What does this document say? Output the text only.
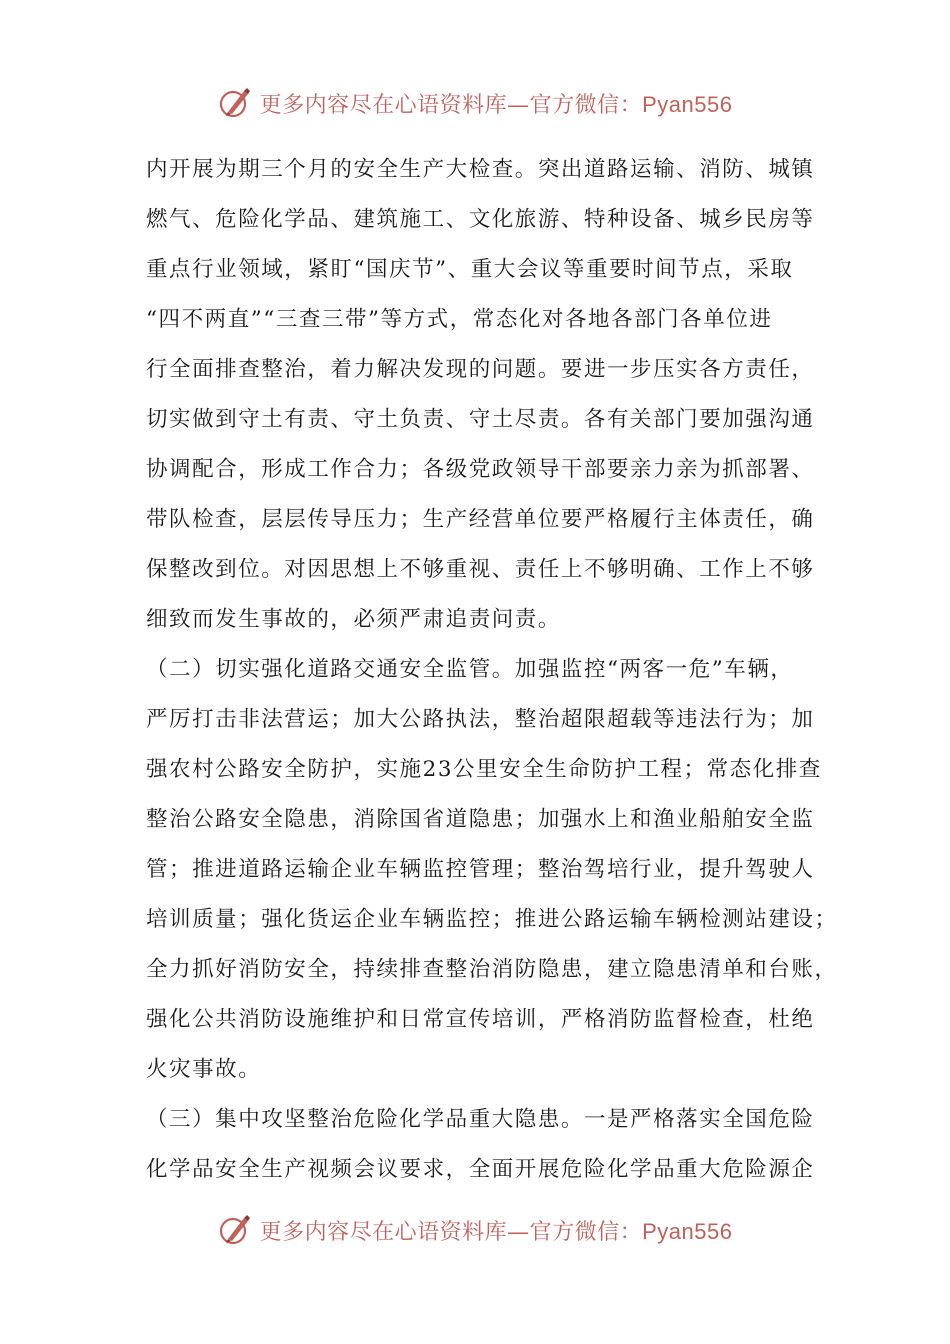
更多内容尽在心语资料库—官方微信：Pyan556
内开展为期三个月的安全生产大检查。突出道路运输、消防、城镇
燃气、危险化学品、建筑施工、文化旅游、特种设备、城乡民房等
重点行业领域，紧盯“国庆节”、重大会议等重要时间节点，采取
“四不两直”“三查三带”等方式，常态化对各地各部门各单位进
行全面排查整治，着力解决发现的问题。要进一步压实各方责任，
切实做到守土有责、守土负责、守土尽责。各有关部门要加强沟通
协调配合，形成工作合力；各级党政领导干部要亲力亲为抓部署、
带队检查，层层传导压力；生产经营单位要严格履行主体责任，确
保整改到位。对因思想上不够重视、责任上不够明确、工作上不够
细致而发生事故的，必须严肃追责问责。
（二）切实强化道路交通安全监管。加强监控“两客一危”车辆，
严厉打击非法营运；加大公路执法，整治超限超载等违法行为；加
强农村公路安全防护，实施23公里安全生命防护工程；常态化排查
整治公路安全隐患，消除国省道隐患；加强水上和渔业船舶安全监
管；推进道路运输企业车辆监控管理；整治驾培行业，提升驾驶人
培训质量；强化货运企业车辆监控；推进公路运输车辆检测站建设；
全力抓好消防安全，持续排查整治消防隐患，建立隐患清单和台账，
强化公共消防设施维护和日常宣传培训，严格消防监督检查，杜绝
火灾事故。
（三）集中攻坚整治危险化学品重大隐患。一是严格落实全国危险
化学品安全生产视频会议要求，全面开展危险化学品重大危险源企
更多内容尽在心语资料库—官方微信：Pyan556
